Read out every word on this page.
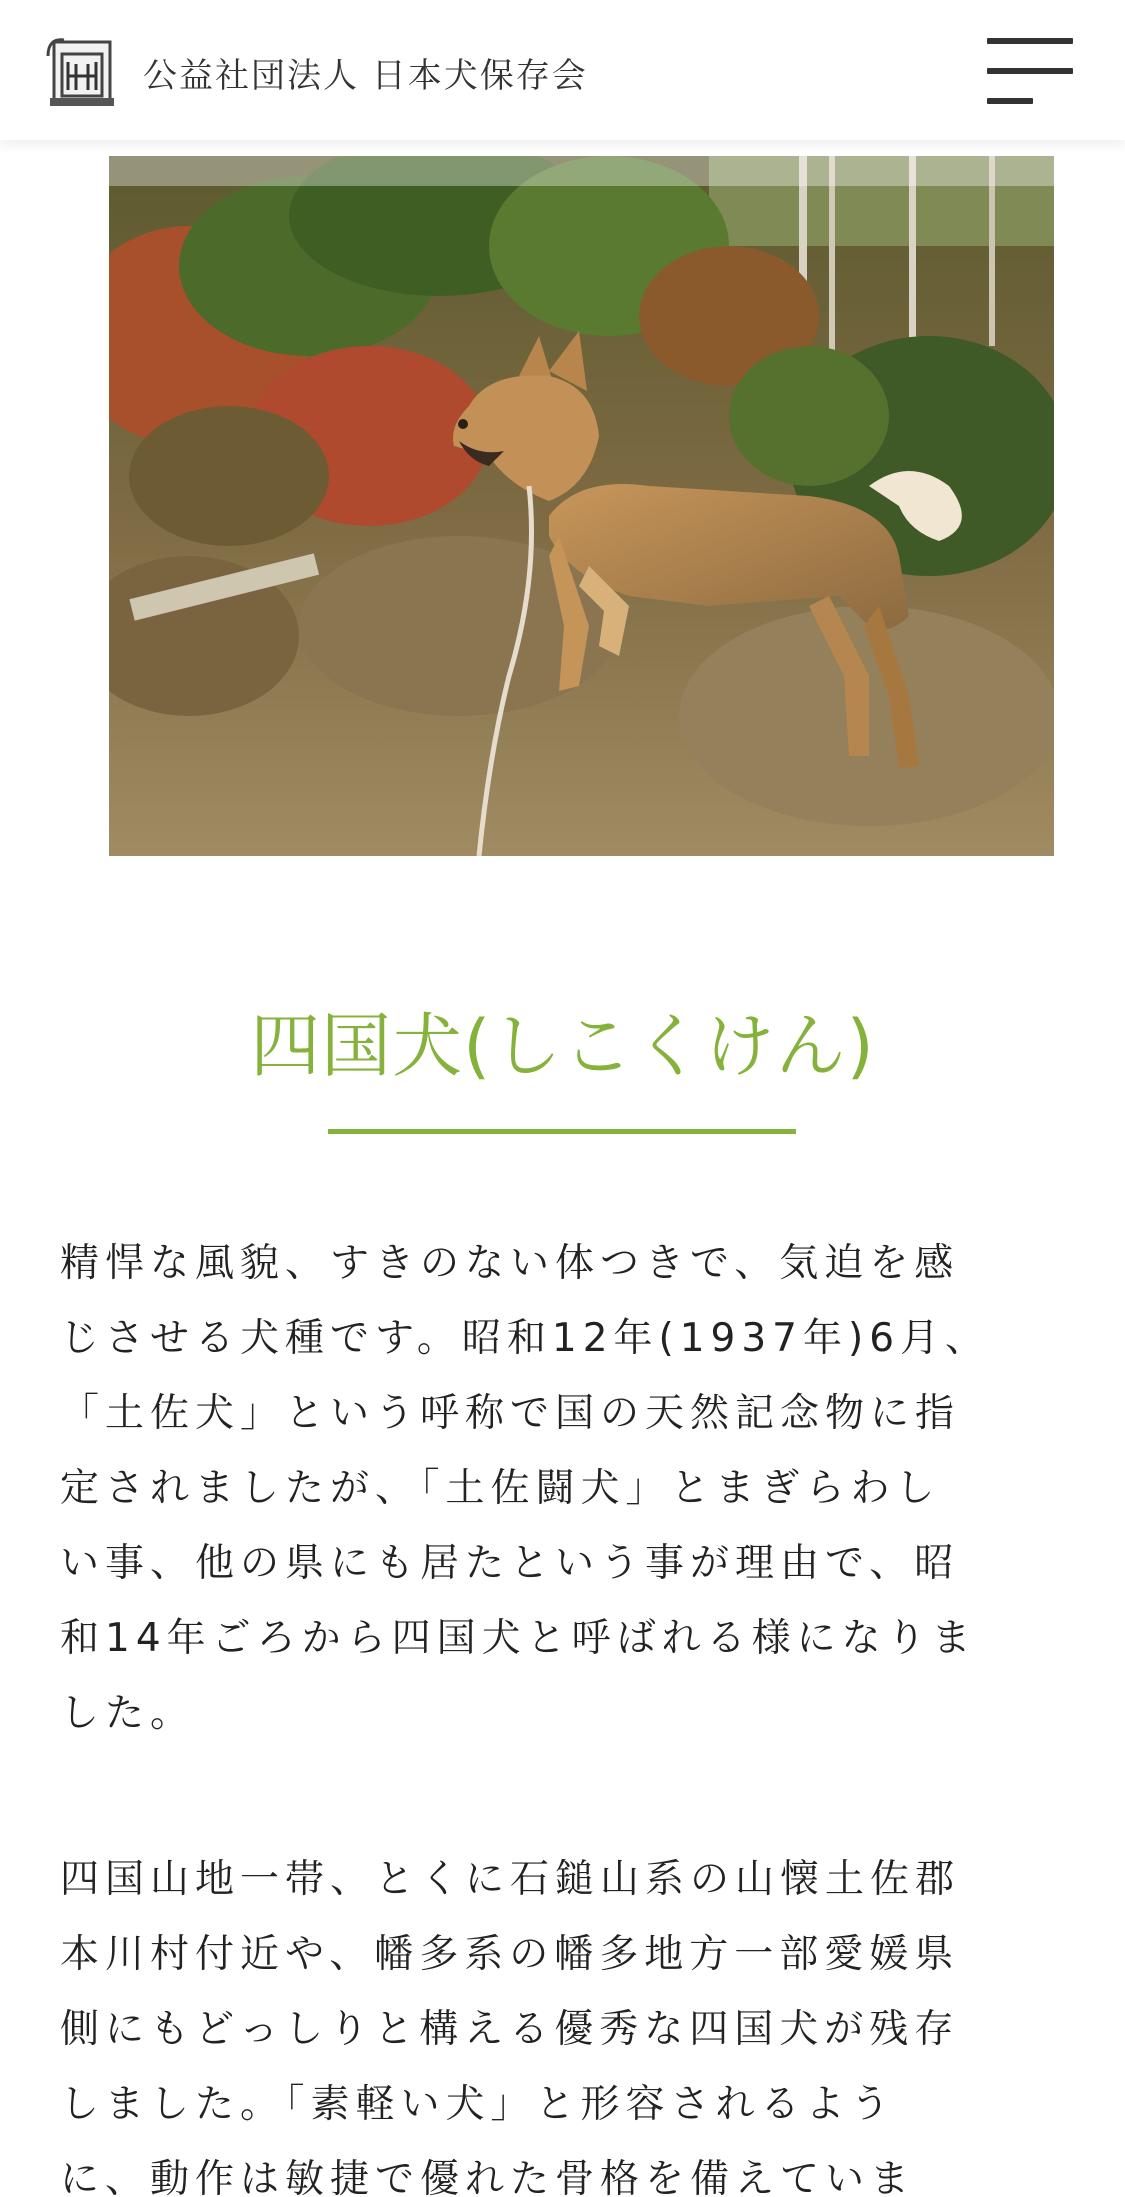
公益社団法人 日本犬保存会
四国犬(しこくけん)

精悍な風貌、すきのない体つきで、気迫を感
じさせる犬種です。昭和12年(1937年)6月、
「土佐犬」という呼称で国の天然記念物に指
定されましたが、「土佐闘犬」とまぎらわし
い事、他の県にも居たという事が理由で、昭
和14年ごろから四国犬と呼ばれる様になりま
した。

四国山地一帯、とくに石鎚山系の山懐土佐郡
本川村付近や、幡多系の幡多地方一部愛媛県
側にもどっしりと構える優秀な四国犬が残存
しました。「素軽い犬」と形容されるよう
に、動作は敏捷で優れた骨格を備えていま
